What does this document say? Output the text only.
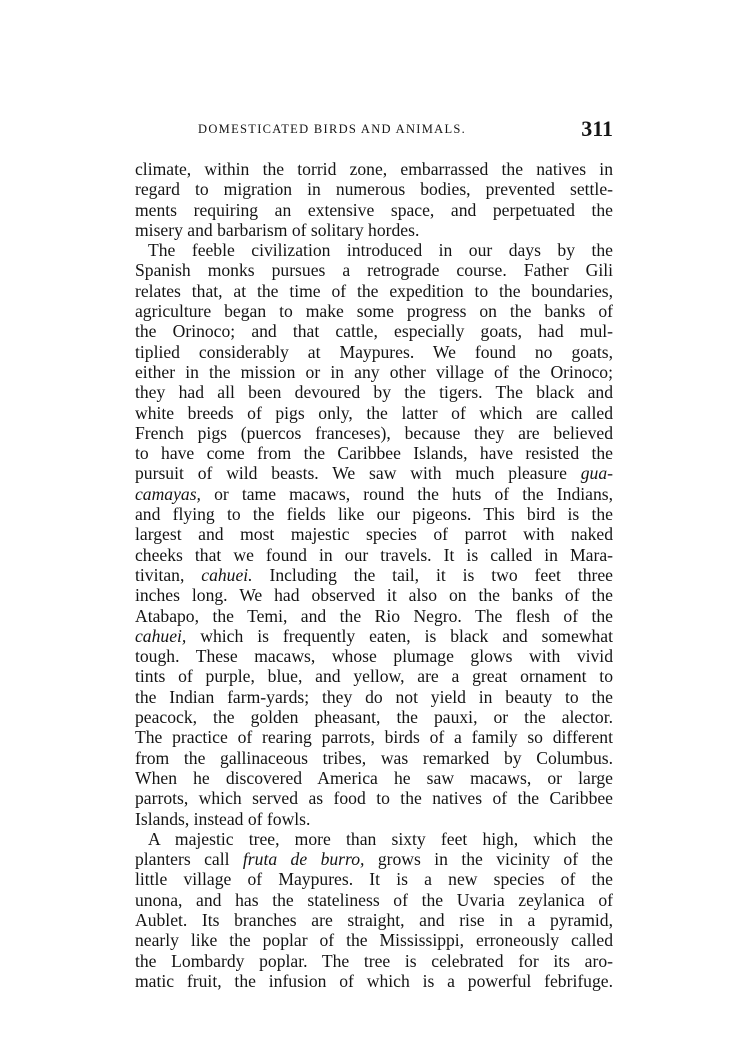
DOMESTICATED BIRDS AND ANIMALS.	311
climate, within the torrid zone, embarrassed the natives in
regard to migration in numerous bodies, prevented settle-
ments requiring an extensive space, and perpetuated the
misery and barbarism of solitary hordes.
The feeble civilization introduced in our days by the
Spanish monks pursues a retrograde course. Father Gili
relates that, at the time of the expedition to the boundaries,
agriculture began to make some progress on the banks of
the Orinoco; and that cattle, especially goats, had mul-
tiplied considerably at Maypures. We found no goats,
either in the mission or in any other village of the Orinoco;
they had all been devoured by the tigers. The black and
white breeds of pigs only, the latter of which are called
French pigs (puercos franceses), because they are believed
to have come from the Caribbee Islands, have resisted the
pursuit of wild beasts. We saw with much pleasure gua-
camayas, or tame macaws, round the huts of the Indians,
and flying to the fields like our pigeons. This bird is the
largest and most majestic species of parrot with naked
cheeks that we found in our travels. It is called in Mara-
tivitan, cahuei. Including the tail, it is two feet three
inches long. We had observed it also on the banks of the
Atabapo, the Temi, and the Rio Negro. The flesh of the
cahuei, which is frequently eaten, is black and somewhat
tough. These macaws, whose plumage glows with vivid
tints of purple, blue, and yellow, are a great ornament to
the Indian farm-yards; they do not yield in beauty to the
peacock, the golden pheasant, the pauxi, or the alector.
The practice of rearing parrots, birds of a family so different
from the gallinaceous tribes, was remarked by Columbus.
When he discovered America he saw macaws, or large
parrots, which served as food to the natives of the Caribbee
Islands, instead of fowls.
A majestic tree, more than sixty feet high, which the
planters call fruta de burro, grows in the vicinity of the
little village of Maypures. It is a new species of the
unona, and has the stateliness of the Uvaria zeylanica of
Aublet. Its branches are straight, and rise in a pyramid,
nearly like the poplar of the Mississippi, erroneously called
the Lombardy poplar. The tree is celebrated for its aro-
matic fruit, the infusion of which is a powerful febrifuge.
